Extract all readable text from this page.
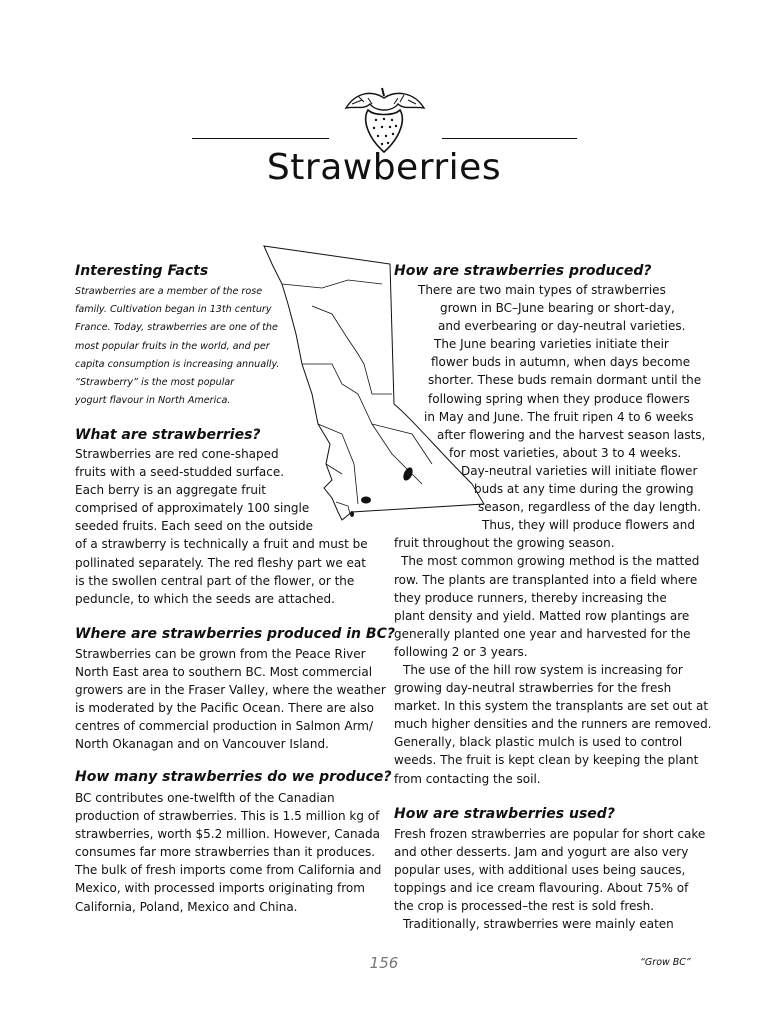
Strawberries
Interesting Facts
Strawberries are a member of the rose
family. Cultivation began in 13th century
France. Today, strawberries are one of the
most popular fruits in the world, and per
capita consumption is increasing annually.
“Strawberry” is the most popular
yogurt flavour in North America.
What are strawberries?
Strawberries are red cone-shaped
fruits with a seed-studded surface.
Each berry is an aggregate fruit
comprised of approximately 100 single
seeded fruits. Each seed on the outside
of a strawberry is technically a fruit and must be
pollinated separately. The red fleshy part we eat
is the swollen central part of the flower, or the
peduncle, to which the seeds are attached.
Where are strawberries produced in BC?
Strawberries can be grown from the Peace River
North East area to southern BC. Most commercial
growers are in the Fraser Valley, where the weather
is moderated by the Pacific Ocean. There are also
centres of commercial production in Salmon Arm/
North Okanagan and on Vancouver Island.
How many strawberries do we produce?
BC contributes one-twelfth of the Canadian
production of strawberries. This is 1.5 million kg of
strawberries, worth $5.2 million. However, Canada
consumes far more strawberries than it produces.
The bulk of fresh imports come from California and
Mexico, with processed imports originating from
California, Poland, Mexico and China.
How are strawberries produced?
There are two main types of strawberries
grown in BC–June bearing or short-day,
and everbearing or day-neutral varieties.
The June bearing varieties initiate their
flower buds in autumn, when days become
shorter. These buds remain dormant until the
following spring when they produce flowers
in May and June. The fruit ripen 4 to 6 weeks
after flowering and the harvest season lasts,
for most varieties, about 3 to 4 weeks.
Day-neutral varieties will initiate flower
buds at any time during the growing
season, regardless of the day length.
Thus, they will produce flowers and
fruit throughout the growing season.
The most common growing method is the matted
row. The plants are transplanted into a field where
they produce runners, thereby increasing the
plant density and yield. Matted row plantings are
generally planted one year and harvested for the
following 2 or 3 years.
The use of the hill row system is increasing for
growing day-neutral strawberries for the fresh
market. In this system the transplants are set out at
much higher densities and the runners are removed.
Generally, black plastic mulch is used to control
weeds. The fruit is kept clean by keeping the plant
from contacting the soil.
How are strawberries used?
Fresh frozen strawberries are popular for short cake
and other desserts. Jam and yogurt are also very
popular uses, with additional uses being sauces,
toppings and ice cream flavouring. About 75% of
the crop is processed–the rest is sold fresh.
Traditionally, strawberries were mainly eaten
156	“Grow BC”
